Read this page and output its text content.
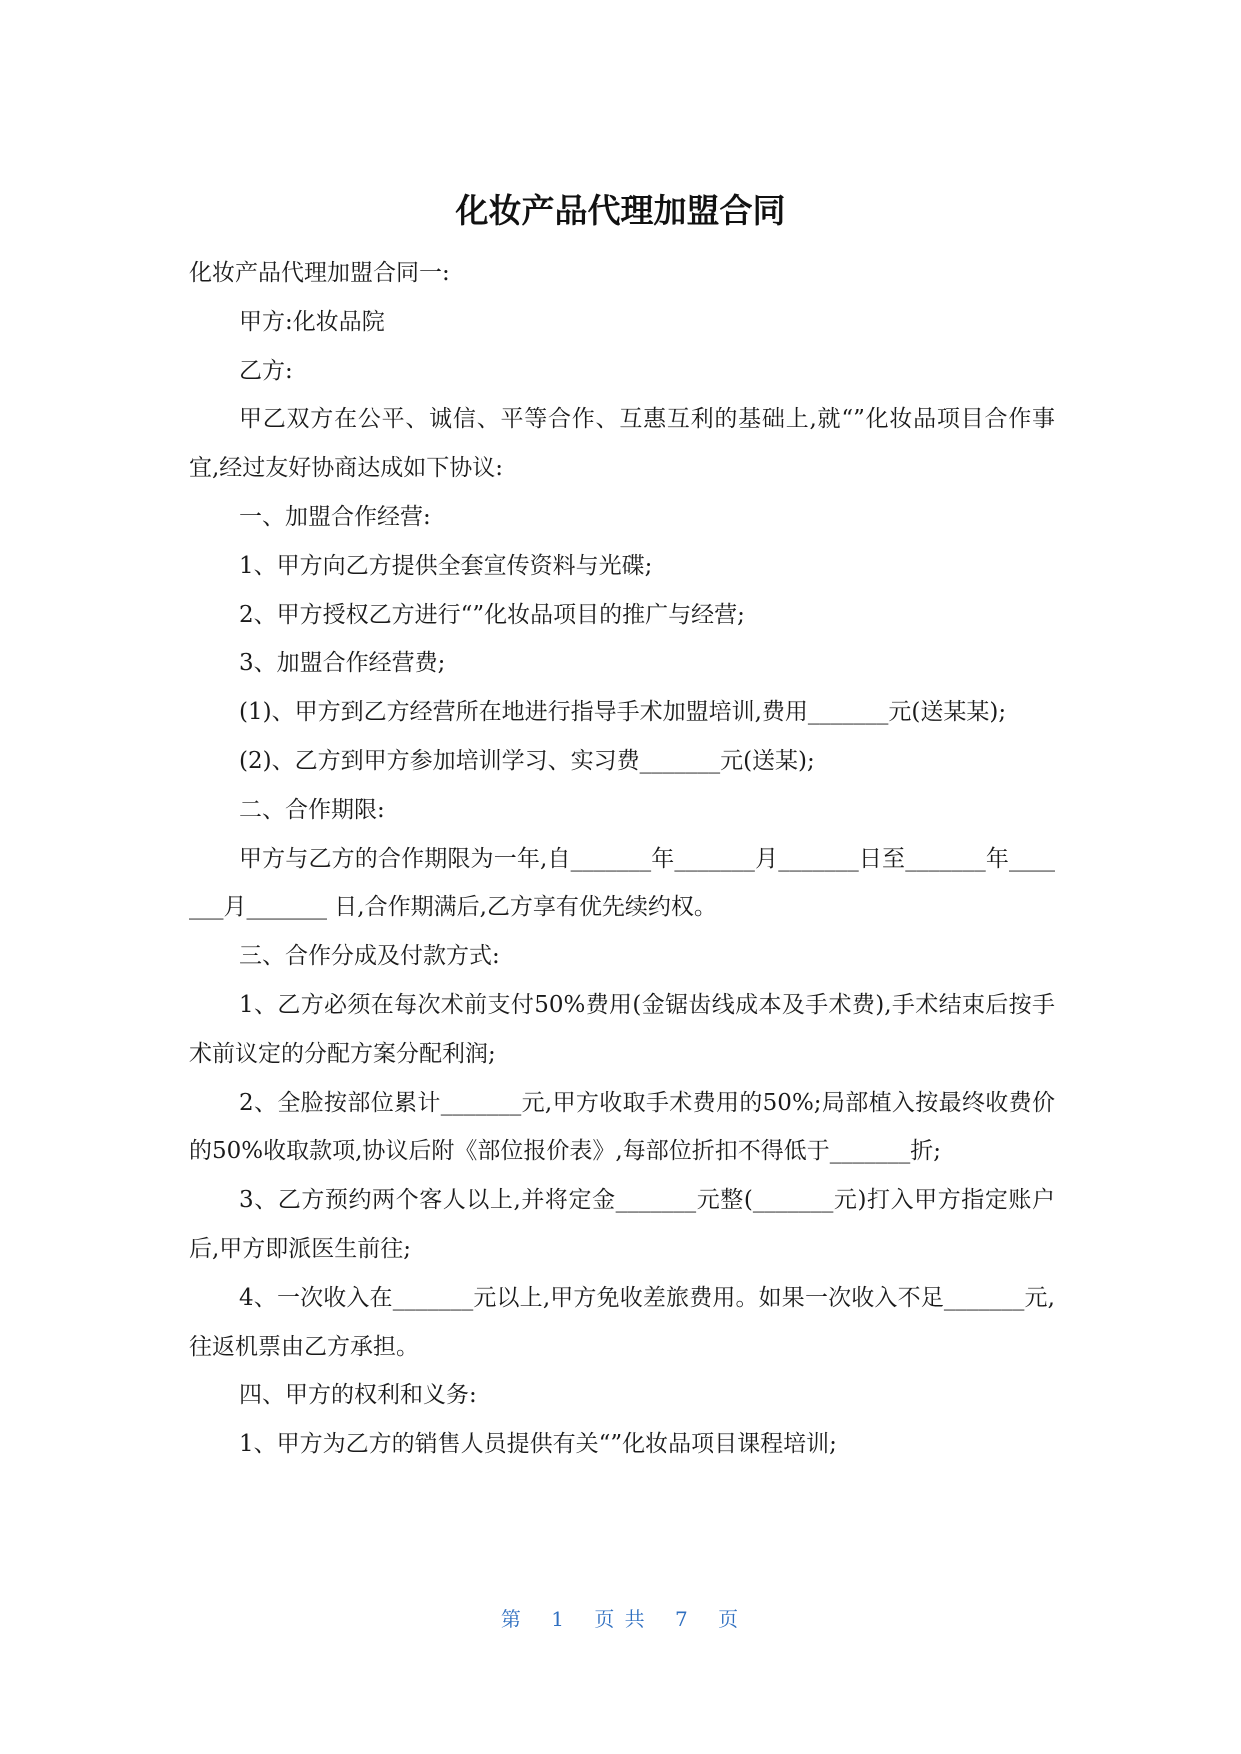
化妆产品代理加盟合同

化妆产品代理加盟合同一:

甲方:化妆品院

乙方:

甲乙双方在公平、诚信、平等合作、互惠互利的基础上,就“”化妆品项目合作事宜,经过友好协商达成如下协议:

一、加盟合作经营:

1、甲方向乙方提供全套宣传资料与光碟;

2、甲方授权乙方进行“”化妆品项目的推广与经营;

3、加盟合作经营费;

(1)、甲方到乙方经营所在地进行指导手术加盟培训,费用_______元(送某某);

(2)、乙方到甲方参加培训学习、实习费_______元(送某);

二、合作期限:

甲方与乙方的合作期限为一年,自_______年_______月_______日至_______年_______月_______ 日,合作期满后,乙方享有优先续约权。

三、合作分成及付款方式:

1、乙方必须在每次术前支付50%费用(金锯齿线成本及手术费),手术结束后按手术前议定的分配方案分配利润;

2、全脸按部位累计_______元,甲方收取手术费用的50%;局部植入按最终收费价的50%收取款项,协议后附《部位报价表》,每部位折扣不得低于_______折;

3、乙方预约两个客人以上,并将定金_______元整(_______元)打入甲方指定账户后,甲方即派医生前往;

4、一次收入在_______元以上,甲方免收差旅费用。如果一次收入不足_______元,往返机票由乙方承担。

四、甲方的权利和义务:

1、甲方为乙方的销售人员提供有关“”化妆品项目课程培训;

第 1 页 共 7 页
